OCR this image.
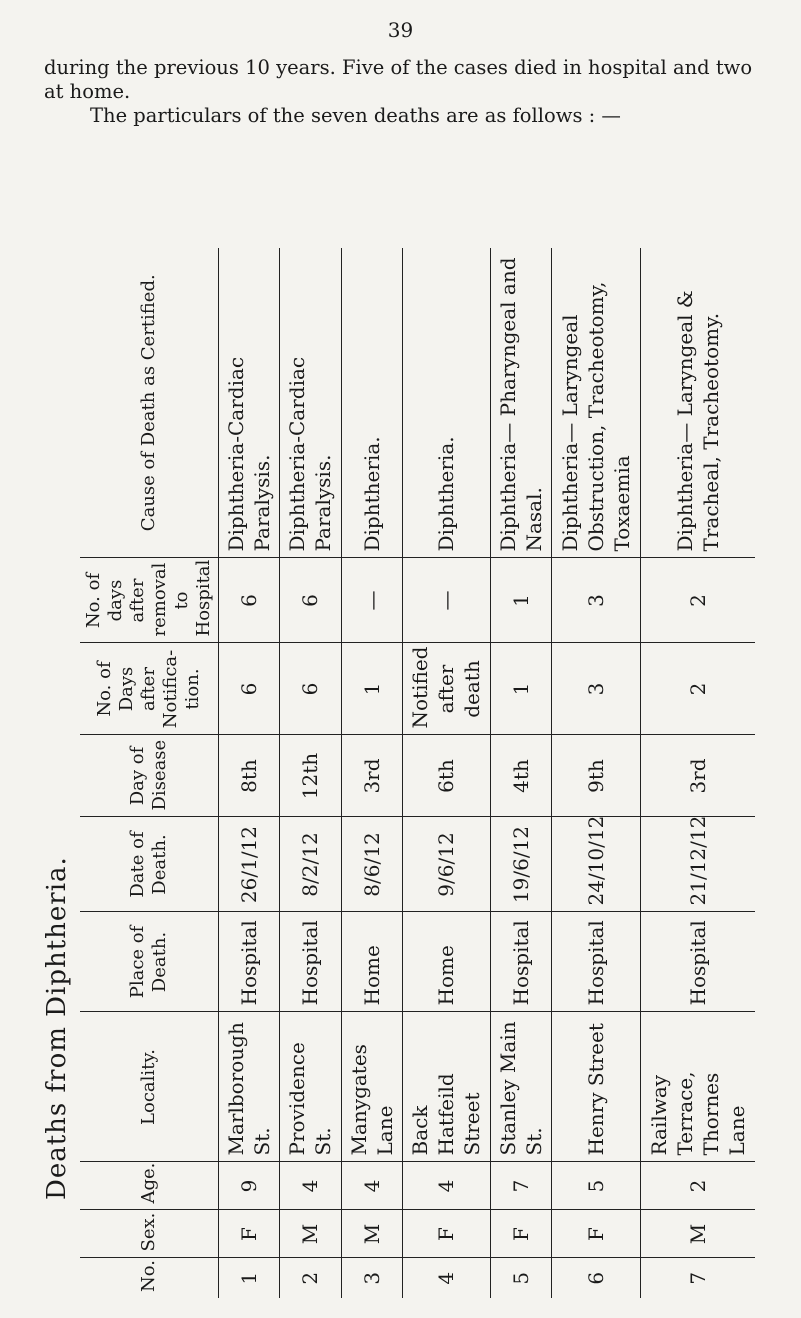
39

during the previous 10 years. Five of the cases died in hospital and two at home.

The particulars of the seven deaths are as follows : —

Deaths from Diphtheria.
No.	Sex.	Age.	Locality.	Place of Death.	Date of Death.	Day of Disease	No. of Days after Notifica-tion.	No. of days after removal to Hospital	Cause of Death as Certified.
1	F	9	Marlborough St.	Hospital	26/1/12	8th	6	6	Diphtheria-Cardiac Paralysis.
2	M	4	Providence St.	Hospital	8/2/12	12th	6	6	Diphtheria-Cardiac Paralysis.
3	M	4	Manygates Lane	Home	8/6/12	3rd	1	—	Diphtheria.
4	F	4	Back Hatfeild Street	Home	9/6/12	6th	Notified after death	—	Diphtheria.
5	F	7	Stanley Main St.	Hospital	19/6/12	4th	1	1	Diphtheria— Pharyngeal and Nasal.
6	F	5	Henry Street	Hospital	24/10/12	9th	3	3	Diphtheria— Laryngeal Obstruction, Tracheotomy, Toxaemia
7	M	2	Railway Terrace, Thornes Lane	Hospital	21/12/12	3rd	2	2	Diphtheria— Laryngeal & Tracheal, Tracheotomy.
